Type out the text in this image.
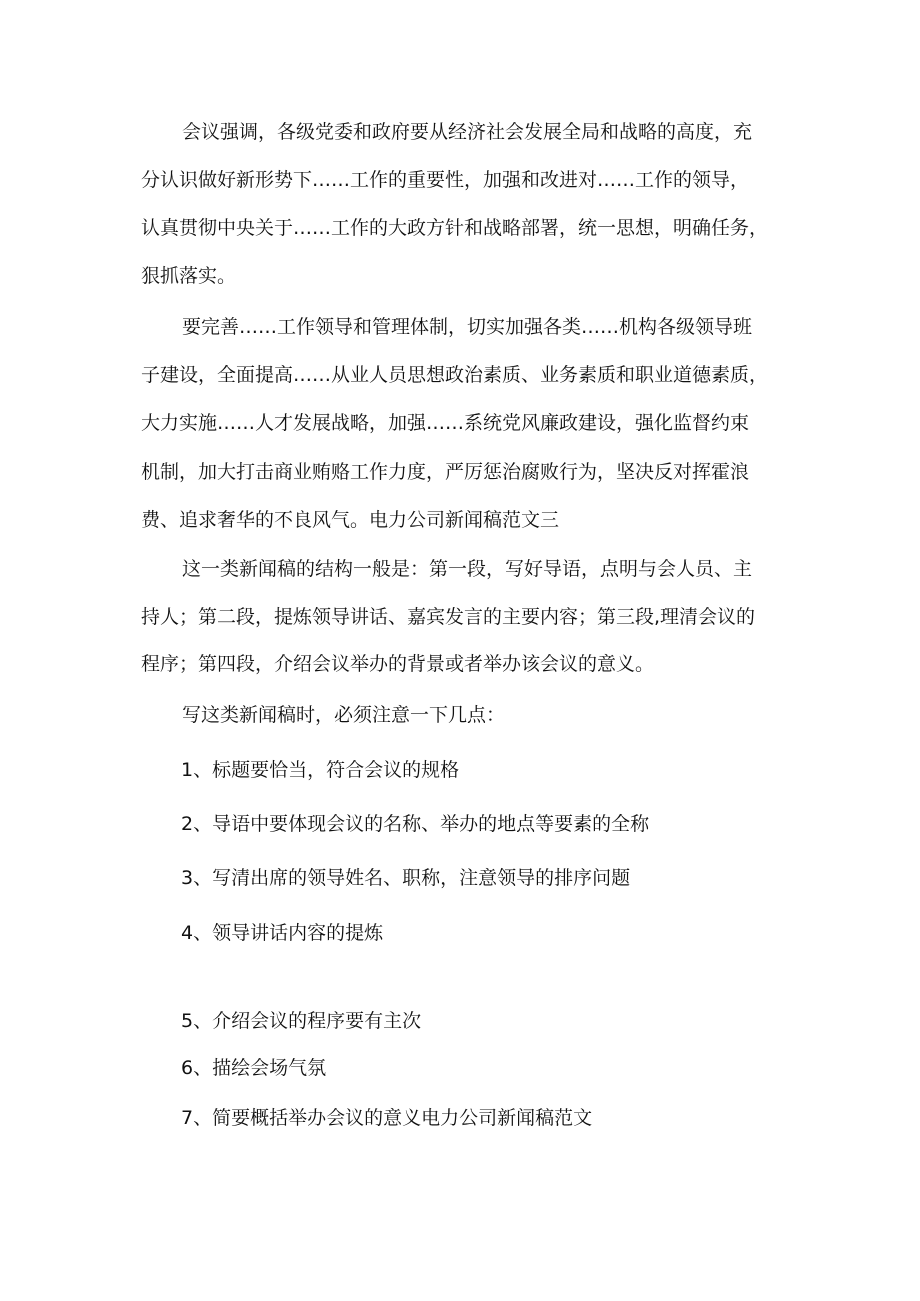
会议强调，各级党委和政府要从经济社会发展全局和战略的高度，充
分认识做好新形势下……工作的重要性，加强和改进对……工作的领导，
认真贯彻中央关于……工作的大政方针和战略部署，统一思想，明确任务，
狠抓落实。
要完善……工作领导和管理体制，切实加强各类……机构各级领导班
子建设，全面提高……从业人员思想政治素质、业务素质和职业道德素质，
大力实施……人才发展战略，加强……系统党风廉政建设，强化监督约束
机制，加大打击商业贿赂工作力度，严厉惩治腐败行为，坚决反对挥霍浪
费、追求奢华的不良风气。电力公司新闻稿范文三
这一类新闻稿的结构一般是：第一段，写好导语，点明与会人员、主
持人；第二段，提炼领导讲话、嘉宾发言的主要内容；第三段,理清会议的
程序；第四段，介绍会议举办的背景或者举办该会议的意义。
写这类新闻稿时，必须注意一下几点：
1、标题要恰当，符合会议的规格
2、导语中要体现会议的名称、举办的地点等要素的全称
3、写清出席的领导姓名、职称，注意领导的排序问题
4、领导讲话内容的提炼
5、介绍会议的程序要有主次
6、描绘会场气氛
7、简要概括举办会议的意义电力公司新闻稿范文
